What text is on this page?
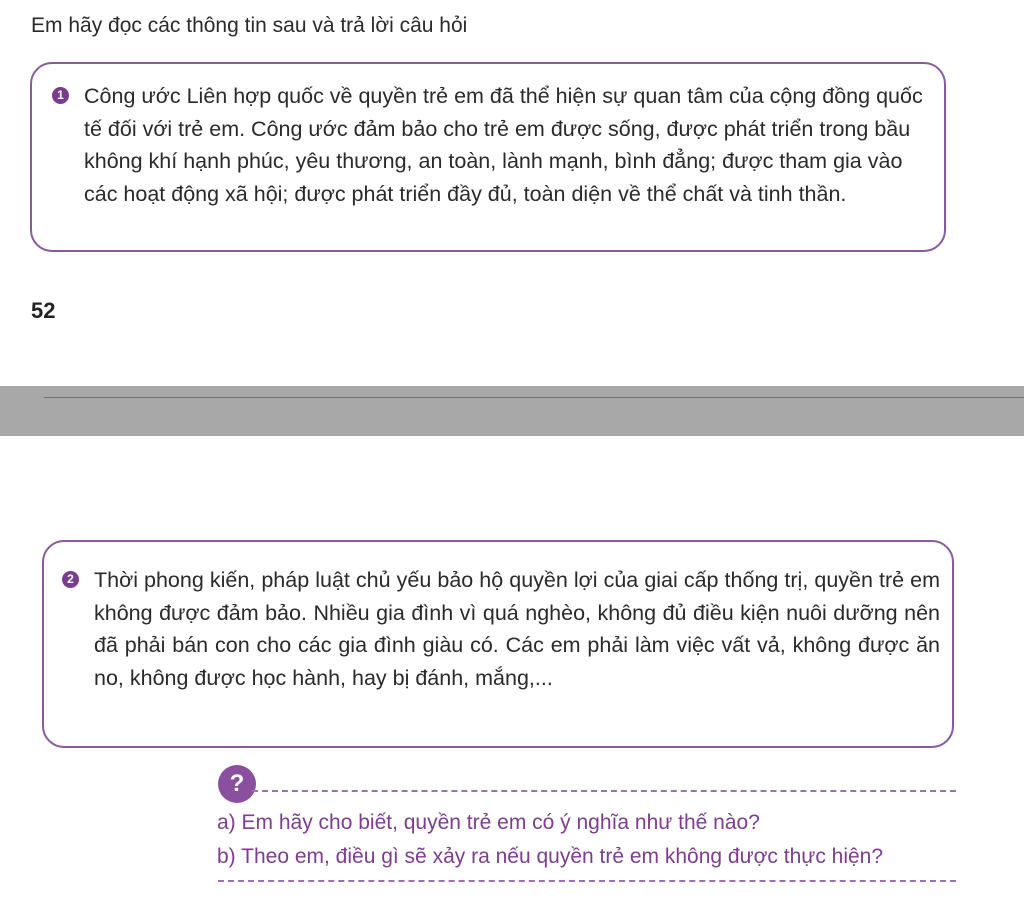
Em hãy đọc các thông tin sau và trả lời câu hỏi
1 Công ước Liên hợp quốc về quyền trẻ em đã thể hiện sự quan tâm của cộng đồng quốc tế đối với trẻ em. Công ước đảm bảo cho trẻ em được sống, được phát triển trong bầu không khí hạnh phúc, yêu thương, an toàn, lành mạnh, bình đẳng; được tham gia vào các hoạt động xã hội; được phát triển đầy đủ, toàn diện về thể chất và tinh thần.
52
2 Thời phong kiến, pháp luật chủ yếu bảo hộ quyền lợi của giai cấp thống trị, quyền trẻ em không được đảm bảo. Nhiều gia đình vì quá nghèo, không đủ điều kiện nuôi dưỡng nên đã phải bán con cho các gia đình giàu có. Các em phải làm việc vất vả, không được ăn no, không được học hành, hay bị đánh, mắng,...
?
a) Em hãy cho biết, quyền trẻ em có ý nghĩa như thế nào?
b) Theo em, điều gì sẽ xảy ra nếu quyền trẻ em không được thực hiện?
